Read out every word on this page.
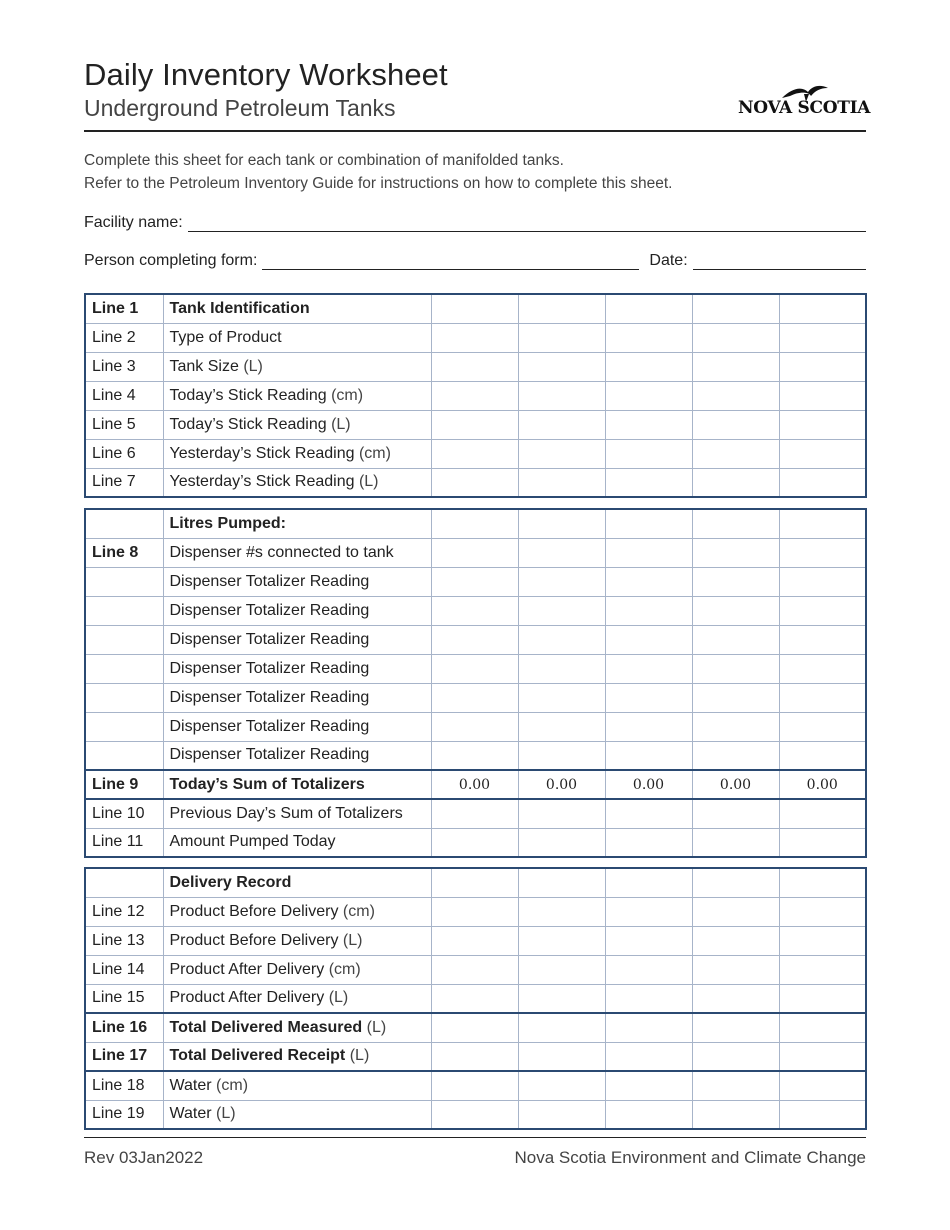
Daily Inventory Worksheet
Underground Petroleum Tanks	NOVA SCOTIA
Complete this sheet for each tank or combination of manifolded tanks.
Refer to the Petroleum Inventory Guide for instructions on how to complete this sheet.
Facility name:
Person completing form:	Date:
Line 1	Tank Identification					
Line 2	Type of Product					
Line 3	Tank Size (L)					
Line 4	Today’s Stick Reading (cm)					
Line 5	Today’s Stick Reading (L)					
Line 6	Yesterday’s Stick Reading (cm)					
Line 7	Yesterday’s Stick Reading (L)					
	Litres Pumped:					
Line 8	Dispenser #s connected to tank					
	Dispenser Totalizer Reading					
	Dispenser Totalizer Reading					
	Dispenser Totalizer Reading					
	Dispenser Totalizer Reading					
	Dispenser Totalizer Reading					
	Dispenser Totalizer Reading					
	Dispenser Totalizer Reading					
Line 9	Today’s Sum of Totalizers	0.00	0.00	0.00	0.00	0.00
Line 10	Previous Day’s Sum of Totalizers					
Line 11	Amount Pumped Today					
	Delivery Record					
Line 12	Product Before Delivery (cm)					
Line 13	Product Before Delivery (L)					
Line 14	Product After Delivery (cm)					
Line 15	Product After Delivery (L)					
Line 16	Total Delivered Measured (L)					
Line 17	Total Delivered Receipt (L)					
Line 18	Water (cm)					
Line 19	Water (L)					
Rev 03Jan2022	Nova Scotia Environment and Climate Change
